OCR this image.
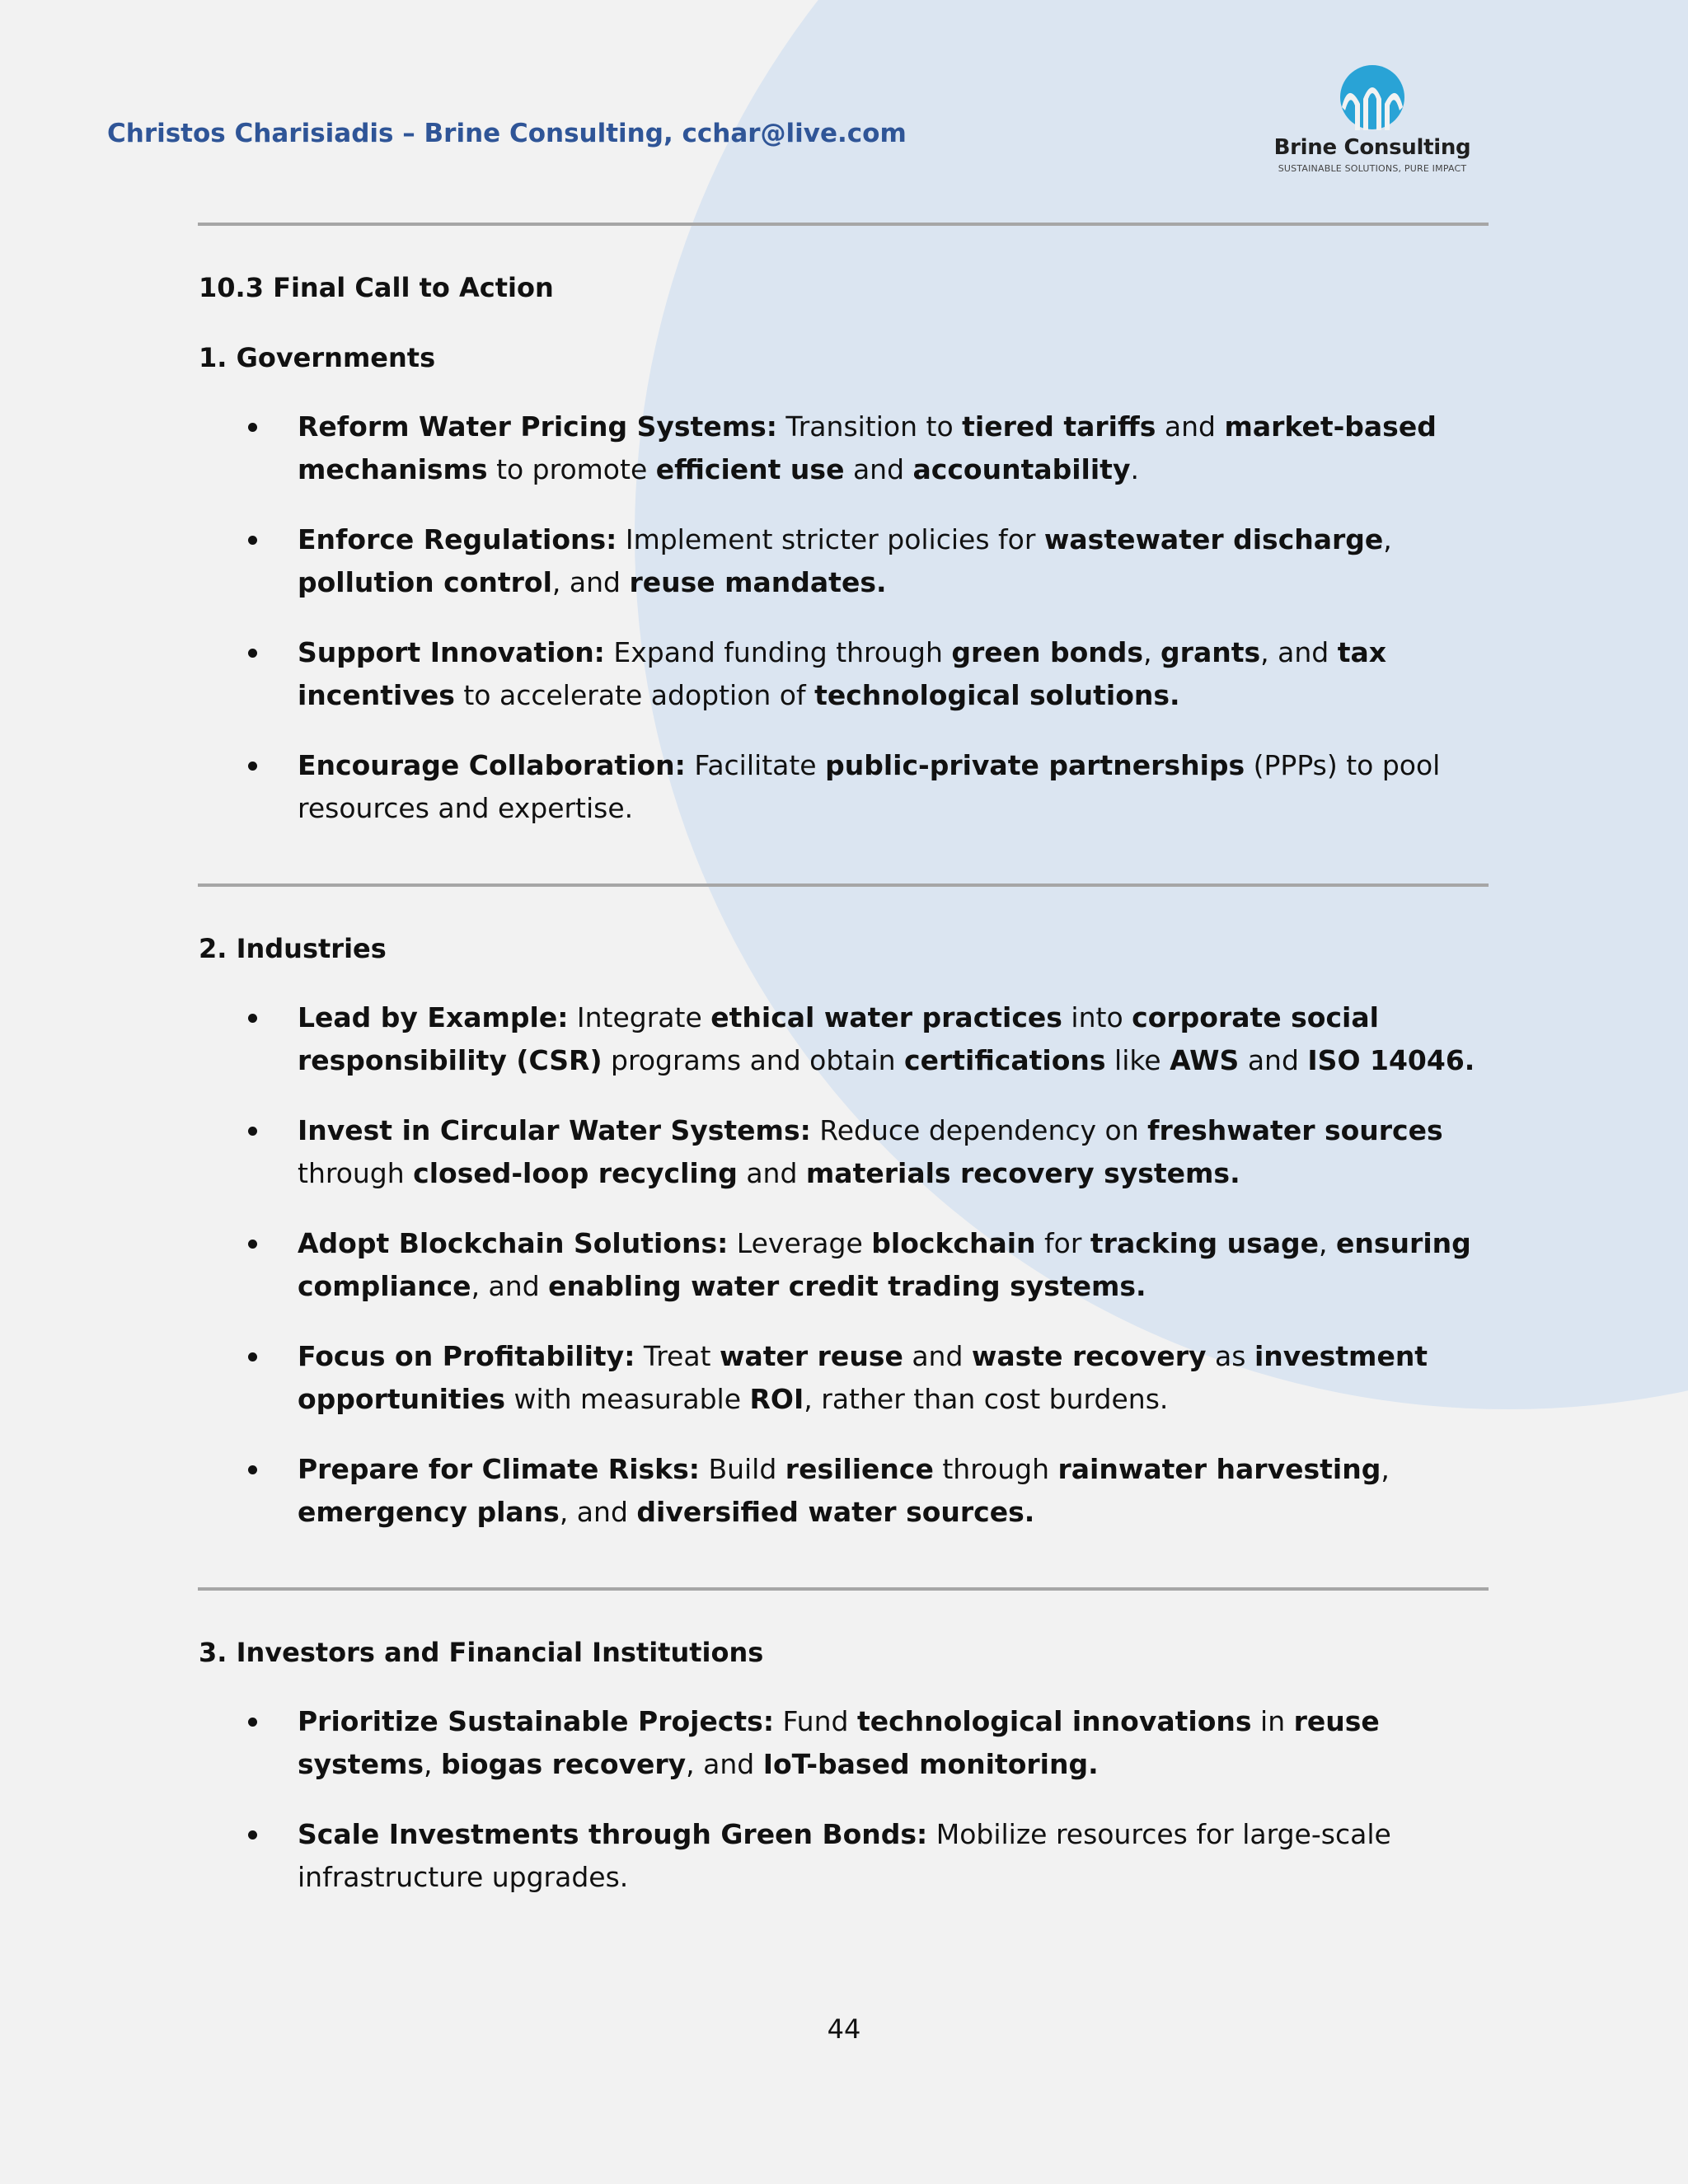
Christos Charisiadis – Brine Consulting, cchar@live.com	Brine Consulting
SUSTAINABLE SOLUTIONS, PURE IMPACT
10.3 Final Call to Action
1. Governments
Reform Water Pricing Systems: Transition to tiered tariffs and market-based mechanisms to promote efficient use and accountability.
Enforce Regulations: Implement stricter policies for wastewater discharge, pollution control, and reuse mandates.
Support Innovation: Expand funding through green bonds, grants, and tax incentives to accelerate adoption of technological solutions.
Encourage Collaboration: Facilitate public-private partnerships (PPPs) to pool resources and expertise.
2. Industries
Lead by Example: Integrate ethical water practices into corporate social responsibility (CSR) programs and obtain certifications like AWS and ISO 14046.
Invest in Circular Water Systems: Reduce dependency on freshwater sources through closed-loop recycling and materials recovery systems.
Adopt Blockchain Solutions: Leverage blockchain for tracking usage, ensuring compliance, and enabling water credit trading systems.
Focus on Profitability: Treat water reuse and waste recovery as investment opportunities with measurable ROI, rather than cost burdens.
Prepare for Climate Risks: Build resilience through rainwater harvesting, emergency plans, and diversified water sources.
3. Investors and Financial Institutions
Prioritize Sustainable Projects: Fund technological innovations in reuse systems, biogas recovery, and IoT-based monitoring.
Scale Investments through Green Bonds: Mobilize resources for large-scale infrastructure upgrades.
44
